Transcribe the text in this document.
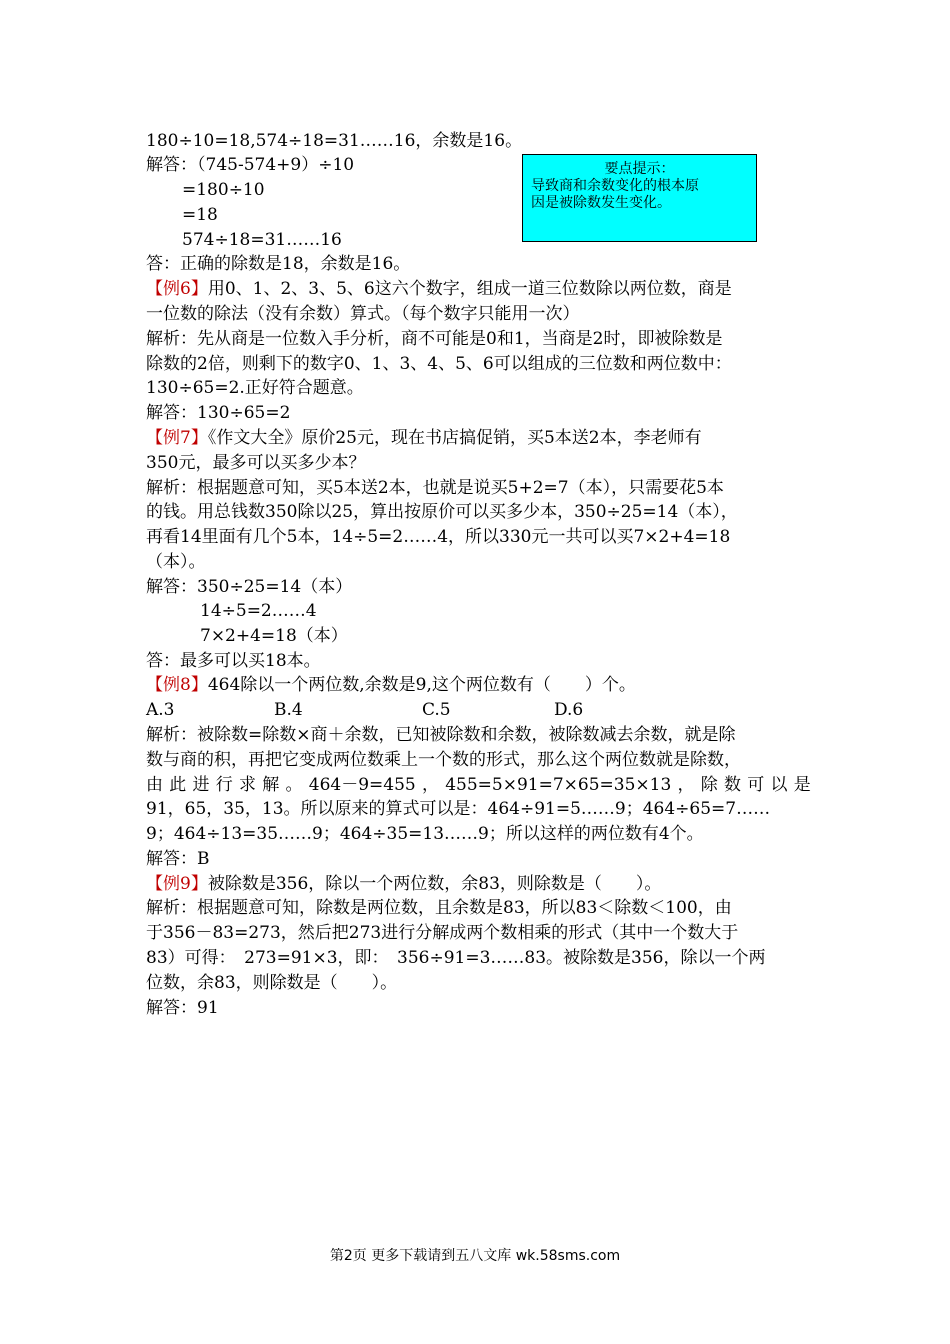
180÷10=18,574÷18=31……16，余数是16。
解答：（745-574+9）÷10
=180÷10
=18
574÷18=31……16
答：正确的除数是18，余数是16。
要点提示：
导致商和余数变化的根本原
因是被除数发生变化。
【例6】用0、1、2、3、5、6这六个数字，组成一道三位数除以两位数，商是
一位数的除法（没有余数）算式。（每个数字只能用一次）
解析：先从商是一位数入手分析，商不可能是0和1，当商是2时，即被除数是
除数的2倍，则剩下的数字0、1、3、4、5、6可以组成的三位数和两位数中：
130÷65=2.正好符合题意。
解答：130÷65=2
【例7】《作文大全》原价25元，现在书店搞促销，买5本送2本，李老师有
350元，最多可以买多少本？
解析：根据题意可知，买5本送2本，也就是说买5+2=7（本），只需要花5本
的钱。用总钱数350除以25，算出按原价可以买多少本，350÷25=14（本），
再看14里面有几个5本，14÷5=2……4，所以330元一共可以买7×2+4=18
（本）。
解答：350÷25=14（本）
14÷5=2……4
7×2+4=18（本）
答：最多可以买18本。
【例8】464除以一个两位数,余数是9,这个两位数有（　　）个。
A.3	B.4	C.5	D.6
解析：被除数=除数×商＋余数，已知被除数和余数，被除数减去余数，就是除
数与商的积，再把它变成两位数乘上一个数的形式，那么这个两位数就是除数，
由 此 进 行 求 解 。 464－9=455 ， 455=5×91=7×65=35×13 ， 除 数 可 以 是
91，65，35，13。所以原来的算式可以是：464÷91=5……9；464÷65=7……
9；464÷13=35……9；464÷35=13……9；所以这样的两位数有4个。
解答：B
【例9】被除数是356，除以一个两位数，余83，则除数是（　　）。
解析：根据题意可知，除数是两位数，且余数是83，所以83＜除数＜100，由
于356－83=273，然后把273进行分解成两个数相乘的形式（其中一个数大于
83）可得：　273=91×3，即：　356÷91=3……83。被除数是356，除以一个两
位数，余83，则除数是（　　）。
解答：91
第2页 更多下载请到五八文库 wk.58sms.com
